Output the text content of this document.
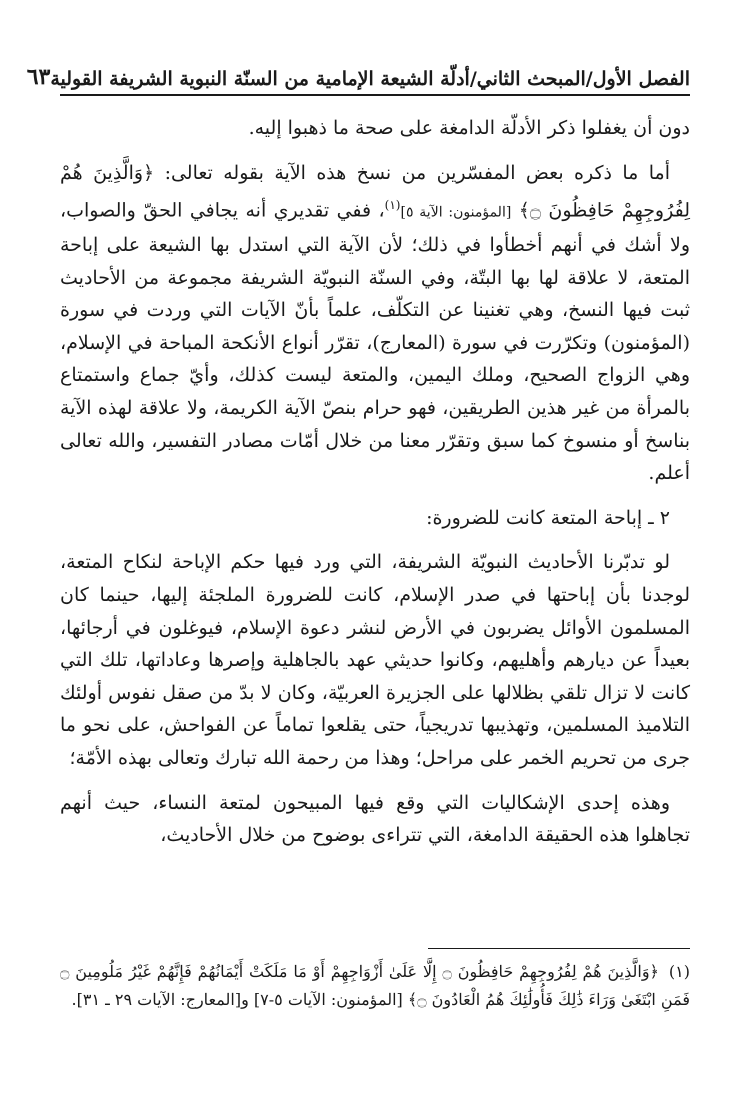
الفصل الأول/المبحث الثاني/أدلّة الشيعة الإمامية من السنّة النبوية الشريفة القولية
٦٣

دون أن يغفلوا ذكر الأدلّة الدامغة على صحة ما ذهبوا إليه.

أما ما ذكره بعض المفسّرين من نسخ هذه الآية بقوله تعالى: ﴿وَالَّذِينَ هُمْ لِفُرُوجِهِمْ حَافِظُونَ ۝﴾ [المؤمنون: الآية ٥]$^{(١)}$، ففي تقديري أنه يجافي الحقّ والصواب، ولا أشك في أنهم أخطأوا في ذلك؛ لأن الآية التي استدل بها الشيعة على إباحة المتعة، لا علاقة لها بها البتّة، وفي السنّة النبويّة الشريفة مجموعة من الأحاديث ثبت فيها النسخ، وهي تغنينا عن التكلّف، علماً بأنّ الآيات التي وردت في سورة (المؤمنون) وتكرّرت في سورة (المعارج)، تقرّر أنواع الأنكحة المباحة في الإسلام، وهي الزواج الصحيح، وملك اليمين، والمتعة ليست كذلك، وأيّ جماع واستمتاع بالمرأة من غير هذين الطريقين، فهو حرام بنصّ الآية الكريمة، ولا علاقة لهذه الآية بناسخ أو منسوخ كما سبق وتقرّر معنا من خلال أمّات مصادر التفسير، والله تعالى أعلم.

٢ ـ إباحة المتعة كانت للضرورة:

لو تدبّرنا الأحاديث النبويّة الشريفة، التي ورد فيها حكم الإباحة لنكاح المتعة، لوجدنا بأن إباحتها في صدر الإسلام، كانت للضرورة الملجئة إليها، حينما كان المسلمون الأوائل يضربون في الأرض لنشر دعوة الإسلام، فيوغلون في أرجائها، بعيداً عن ديارهم وأهليهم، وكانوا حديثي عهد بالجاهلية وإصرها وعاداتها، تلك التي كانت لا تزال تلقي بظلالها على الجزيرة العربيّة، وكان لا بدّ من صقل نفوس أولئك التلاميذ المسلمين، وتهذيبها تدريجياً، حتى يقلعوا تماماً عن الفواحش، على نحو ما جرى من تحريم الخمر على مراحل؛ وهذا من رحمة الله تبارك وتعالى بهذه الأمّة؛

وهذه إحدى الإشكاليات التي وقع فيها المبيحون لمتعة النساء، حيث أنهم تجاهلوا هذه الحقيقة الدامغة، التي تتراءى بوضوح من خلال الأحاديث،

(١)﴿وَالَّذِينَ هُمْ لِفُرُوجِهِمْ حَافِظُونَ ۝ إِلَّا عَلَىٰ أَزْوَاجِهِمْ أَوْ مَا مَلَكَتْ أَيْمَانُهُمْ فَإِنَّهُمْ غَيْرُ مَلُومِينَ ۝ فَمَنِ ابْتَغَىٰ وَرَاءَ ذَٰلِكَ فَأُولَٰئِكَ هُمُ الْعَادُونَ ۝﴾ [المؤمنون: الآيات ٥-٧] و[المعارج: الآيات ٢٩ ـ ٣١].
